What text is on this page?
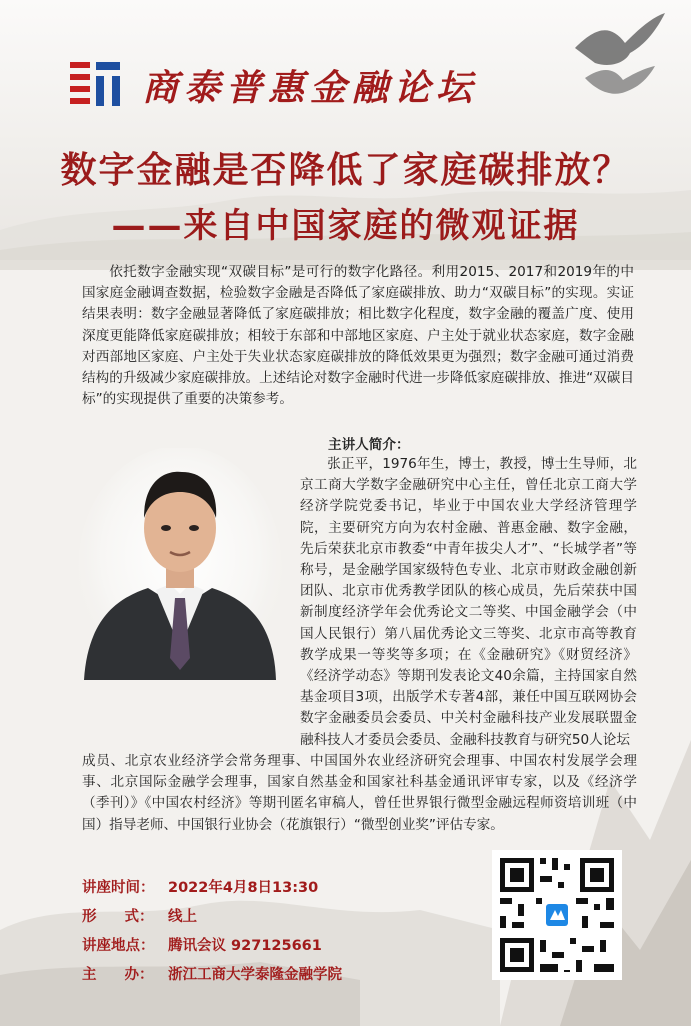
商泰普惠金融论坛
数字金融是否降低了家庭碳排放？
——来自中国家庭的微观证据
依托数字金融实现“双碳目标”是可行的数字化路径。利用2015、2017和2019年的中国家庭金融调查数据，检验数字金融是否降低了家庭碳排放、助力“双碳目标”的实现。实证结果表明：数字金融显著降低了家庭碳排放；相比数字化程度，数字金融的覆盖广度、使用深度更能降低家庭碳排放；相较于东部和中部地区家庭、户主处于就业状态家庭，数字金融对西部地区家庭、户主处于失业状态家庭碳排放的降低效果更为强烈；数字金融可通过消费结构的升级减少家庭碳排放。上述结论对数字金融时代进一步降低家庭碳排放、推进“双碳目标”的实现提供了重要的决策参考。
主讲人简介：
张正平，1976年生，博士，教授，博士生导师，北京工商大学数字金融研究中心主任，曾任北京工商大学经济学院党委书记，毕业于中国农业大学经济管理学院，主要研究方向为农村金融、普惠金融、数字金融，先后荣获北京市教委“中青年拔尖人才”、“长城学者”等称号，是金融学国家级特色专业、北京市财政金融创新团队、北京市优秀教学团队的核心成员，先后荣获中国新制度经济学年会优秀论文二等奖、中国金融学会（中国人民银行）第八届优秀论文三等奖、北京市高等教育教学成果一等奖等多项；在《金融研究》《财贸经济》《经济学动态》等期刊发表论文40余篇，主持国家自然基金项目3项，出版学术专著4部，兼任中国互联网协会数字金融委员会委员、中关村金融科技产业发展联盟金融科技人才委员会委员、金融科技教育与研究50人论坛
成员、北京农业经济学会常务理事、中国国外农业经济研究会理事、中国农村发展学会理事、北京国际金融学会理事，国家自然基金和国家社科基金通讯评审专家，以及《经济学（季刊）》《中国农村经济》等期刊匿名审稿人，曾任世界银行微型金融远程师资培训班（中国）指导老师、中国银行业协会（花旗银行）“微型创业奖”评估专家。
讲座时间： 2022年4月8日13:30
形 式： 线上
讲座地点： 腾讯会议 927125661
主 办： 浙江工商大学泰隆金融学院
